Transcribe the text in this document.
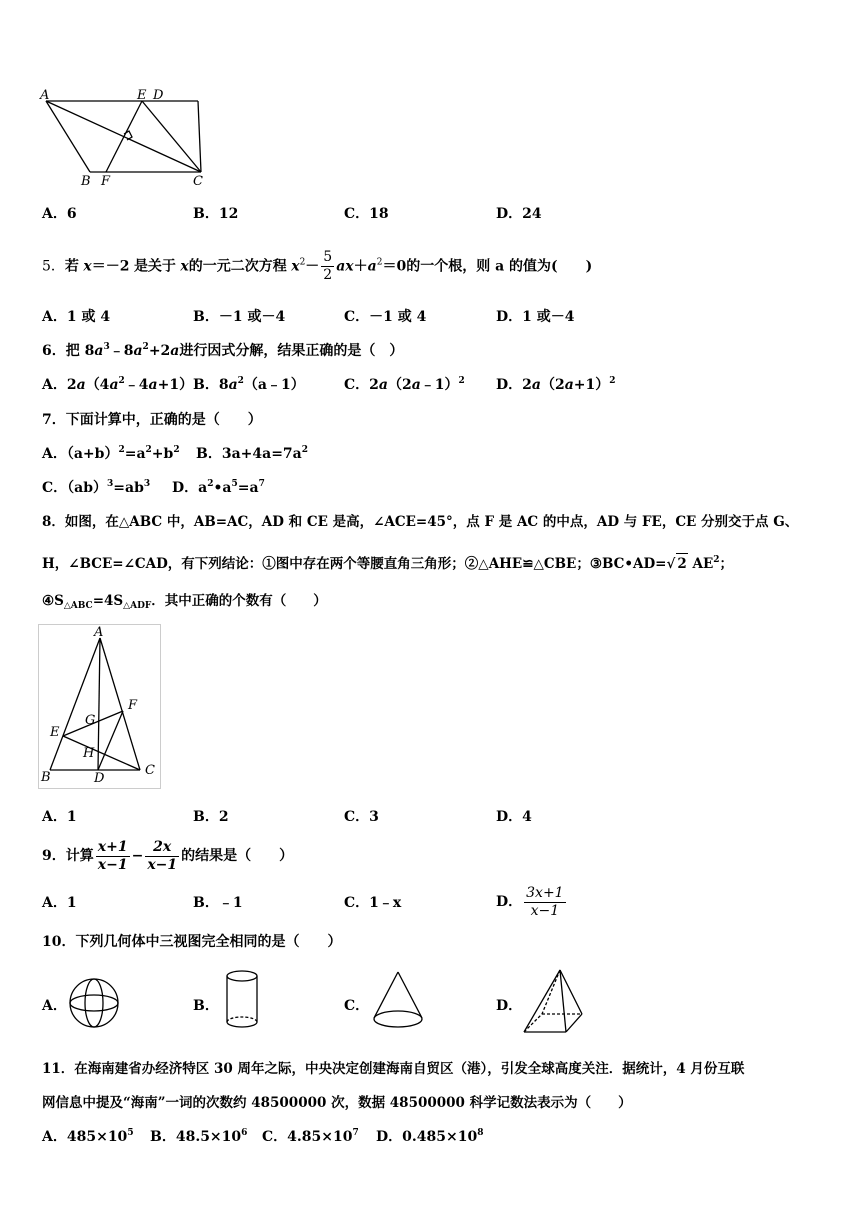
A	E D
B F	C
A．6	B．12	C．18	D．24
5．若 x＝－2 是关于 x的一元二次方程 $x^2- \frac{5}{2} ax+a^2=0$的一个根，则 a 的值为(　　)
A．1 或 4	B．－1 或－4	C．－1 或 4	D．1 或－4
6．把 $8a^3﹣8a^2+2a$进行因式分解，结果正确的是（　）
A．$2a(4a^2﹣4a+1)$ B．$8a^2(a﹣1)$	C．2a（2a﹣1）$^2$ D．$2a(2a+1)^2$
7．下面计算中，正确的是（　　）
A．$(a+b)^2=a^2+b^2$ B．$3a+4a=7a^2$
C．$(ab)^3=ab^3$ D．$a^2•a^5=a^7$
8．如图，在△ABC 中，AB=AC，AD 和 CE 是高，∠ACE=45°，点 F 是 AC 的中点，AD 与 FE，CE 分别交于点 G、
H，∠BCE=∠CAD，有下列结论：①图中存在两个等腰直角三角形；②△AHE≌△CBE；③BC•AD=√ 2 $AE^2$；
$④S_{\triangle ABC}=4S_{\triangle ADF}$．其中正确的个数有（　　）
A
F
G
E
H
B	D
C
A．1	B．2	C．3	D．4
9．计算 $\frac{x+1}{x-1} - \frac{2x}{x-1}$ 的结果是（　　）
A．1	B．﹣1	C．1﹣x	D． $\frac{3x+1}{x-1}$
10．下列几何体中三视图完全相同的是（　　）
A．	B．	C．	D．
11．在海南建省办经济特区 30 周年之际，中央决定创建海南自贸区（港），引发全球高度关注．据统计，4 月份互联
网信息中提及“海南”一词的次数约 48500000 次，数据 48500000 科学记数法表示为（　　）
A．$485\times 10^5$ B．$48.5\times 10^6$ C．$4.85\times 10^7$ D．$0.485\times 10^8$
